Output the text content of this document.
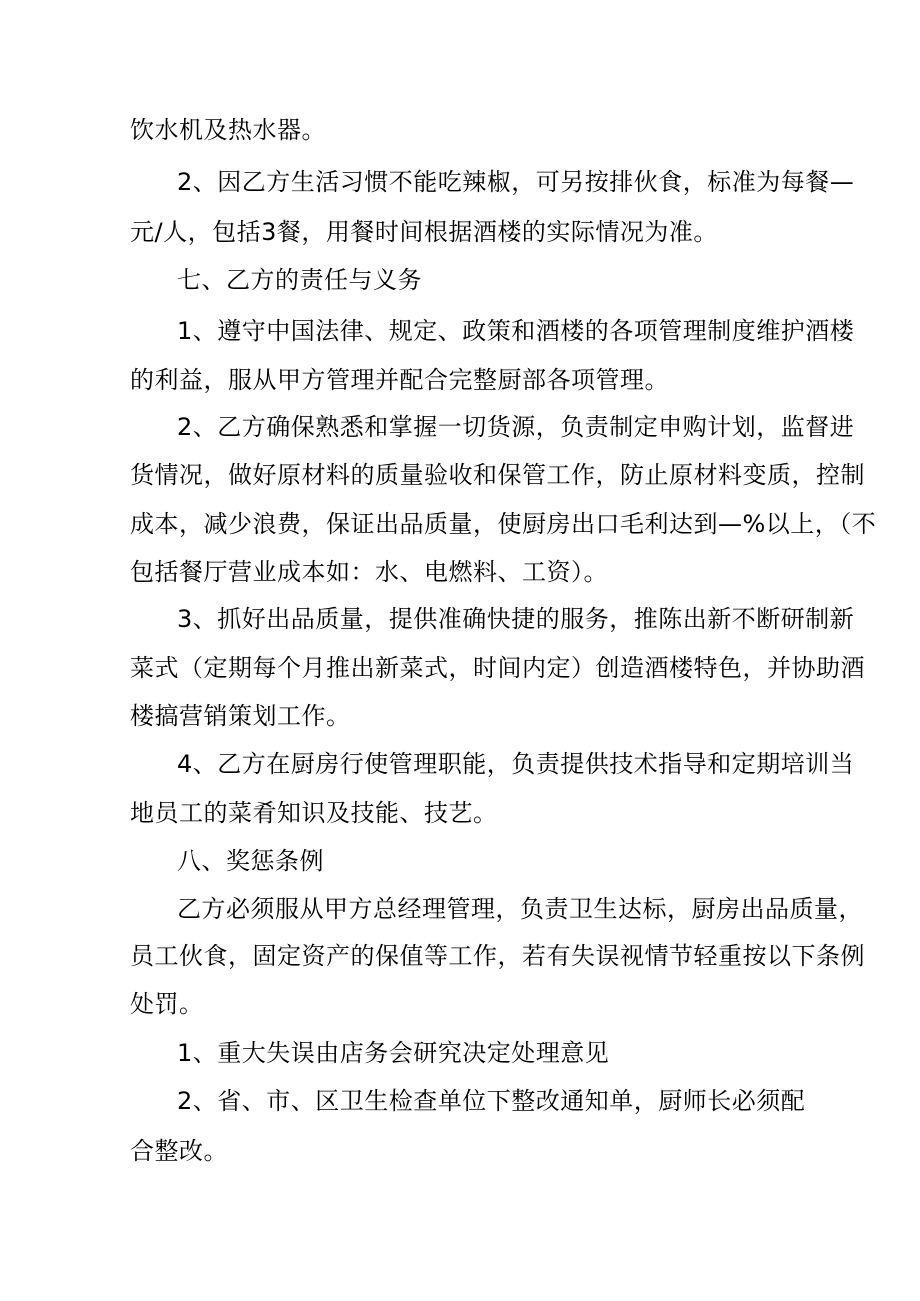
饮水机及热水器。
2、因乙方生活习惯不能吃辣椒，可另按排伙食，标准为每餐—
元/人，包括3餐，用餐时间根据酒楼的实际情况为准。
七、乙方的责任与义务
1、遵守中国法律、规定、政策和酒楼的各项管理制度维护酒楼
的利益，服从甲方管理并配合完整厨部各项管理。
2、乙方确保熟悉和掌握一切货源，负责制定申购计划，监督进
货情况，做好原材料的质量验收和保管工作，防止原材料变质，控制
成本，减少浪费，保证出品质量，使厨房出口毛利达到—%以上，（不
包括餐厅营业成本如：水、电燃料、工资）。
3、抓好出品质量，提供准确快捷的服务，推陈出新不断研制新
菜式（定期每个月推出新菜式，时间内定）创造酒楼特色，并协助酒
楼搞营销策划工作。
4、乙方在厨房行使管理职能，负责提供技术指导和定期培训当
地员工的菜肴知识及技能、技艺。
八、奖惩条例
乙方必须服从甲方总经理管理，负责卫生达标，厨房出品质量，
员工伙食，固定资产的保值等工作，若有失误视情节轻重按以下条例
处罚。
1、重大失误由店务会研究决定处理意见
2、省、市、区卫生检查单位下整改通知单，厨师长必须配
合整改。
